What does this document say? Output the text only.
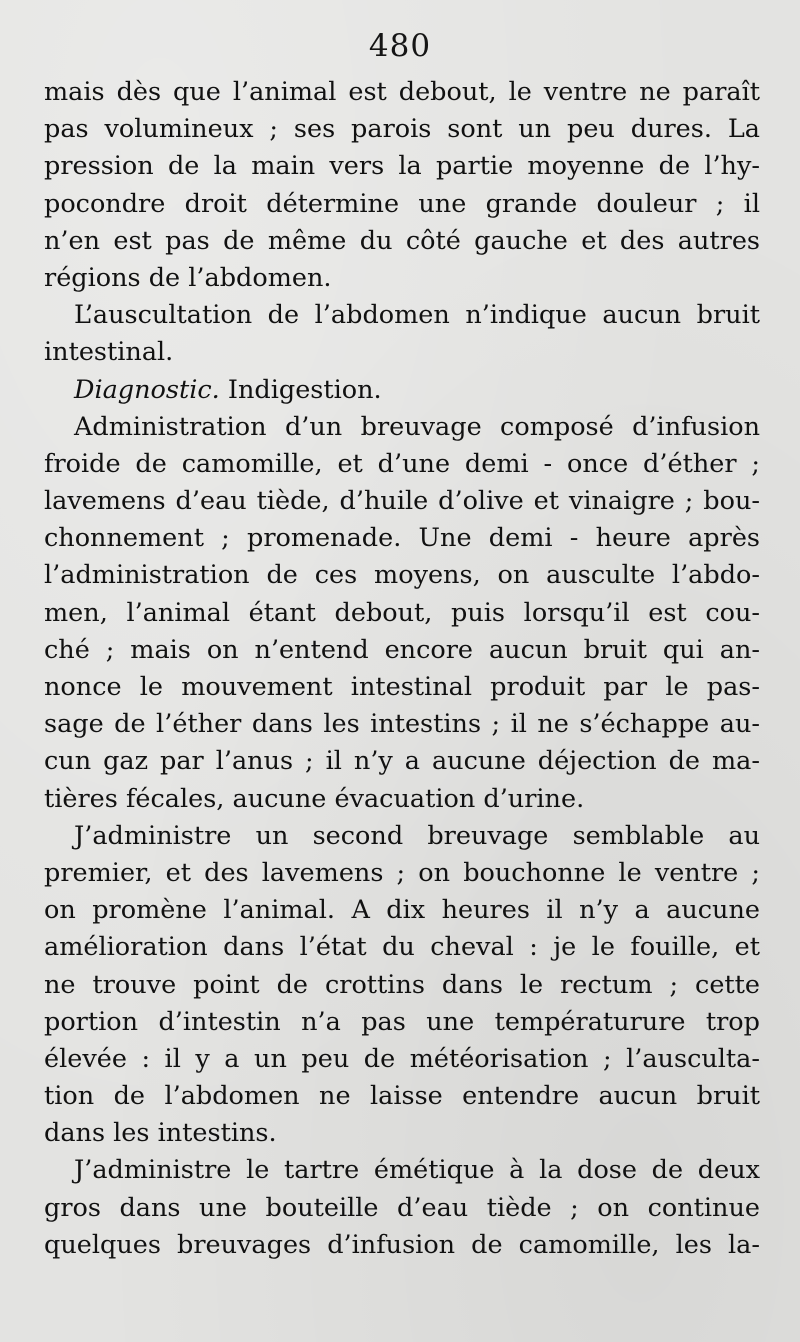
480
mais dès que l’animal est debout, le ventre ne paraît
pas volumineux ; ses parois sont un peu dures. La
pression de la main vers la partie moyenne de l’hy-
pocondre droit détermine une grande douleur ; il
n’en est pas de même du côté gauche et des autres
régions de l’abdomen.
L’auscultation de l’abdomen n’indique aucun bruit
intestinal.
Diagnostic. Indigestion.
Administration d’un breuvage composé d’infusion
froide de camomille, et d’une demi - once d’éther ;
lavemens d’eau tiède, d’huile d’olive et vinaigre ; bou-
chonnement ; promenade. Une demi - heure après
l’administration de ces moyens, on ausculte l’abdo-
men, l’animal étant debout, puis lorsqu’il est cou-
ché ; mais on n’entend encore aucun bruit qui an-
nonce le mouvement intestinal produit par le pas-
sage de l’éther dans les intestins ; il ne s’échappe au-
cun gaz par l’anus ; il n’y a aucune déjection de ma-
tières fécales, aucune évacuation d’urine.
J’administre un second breuvage semblable au
premier, et des lavemens ; on bouchonne le ventre ;
on promène l’animal. A dix heures il n’y a aucune
amélioration dans l’état du cheval : je le fouille, et
ne trouve point de crottins dans le rectum ; cette
portion d’intestin n’a pas une températurure trop
élevée : il y a un peu de météorisation ; l’ausculta-
tion de l’abdomen ne laisse entendre aucun bruit
dans les intestins.
J’administre le tartre émétique à la dose de deux
gros dans une bouteille d’eau tiède ; on continue
quelques breuvages d’infusion de camomille, les la-
